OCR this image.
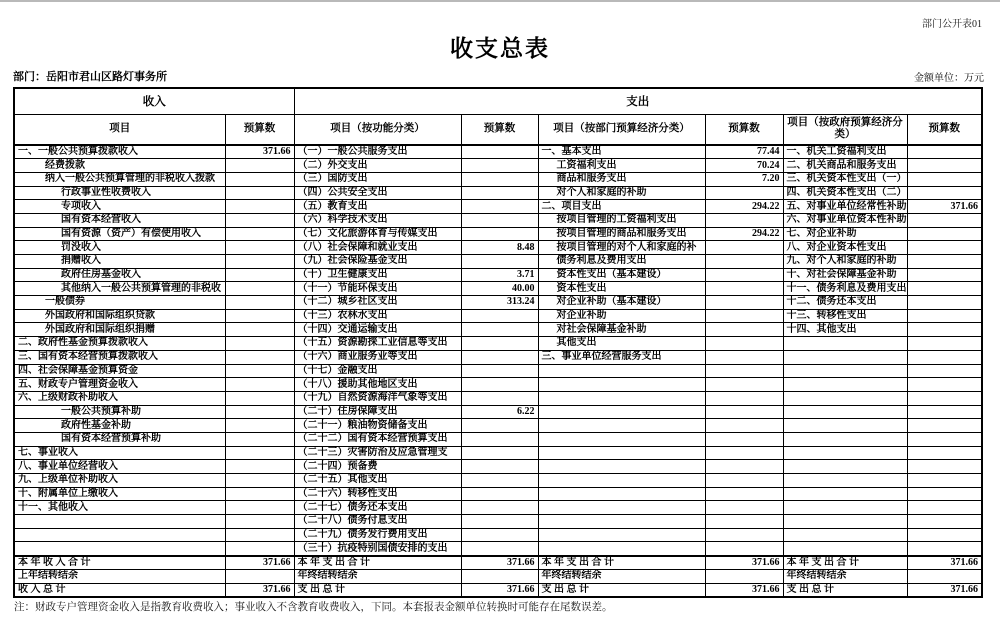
部门公开表01
收支总表
部门：岳阳市君山区路灯事务所	金额单位：万元
收入		支出					
项目	预算数	项目（按功能分类）	预算数	项目（按部门预算经济分类）	预算数	项目（按政府预算经济分类）	预算数
一、一般公共预算拨款收入	371.66	（一）一般公共服务支出		一、基本支出	77.44	一、机关工资福利支出	
经费拨款		（二）外交支出		工资福利支出	70.24	二、机关商品和服务支出	
纳入一般公共预算管理的非税收入拨款		（三）国防支出		商品和服务支出	7.20	三、机关资本性支出（一）	
行政事业性收费收入		（四）公共安全支出		对个人和家庭的补助		四、机关资本性支出（二）	
专项收入		（五）教育支出		二、项目支出	294.22	五、对事业单位经常性补助	371.66
国有资本经营收入		（六）科学技术支出		按项目管理的工资福利支出		六、对事业单位资本性补助	
国有资源（资产）有偿使用收入		（七）文化旅游体育与传媒支出		按项目管理的商品和服务支出	294.22	七、对企业补助	
罚没收入		（八）社会保障和就业支出	8.48	按项目管理的对个人和家庭的补		八、对企业资本性支出	
捐赠收入		（九）社会保险基金支出		债务利息及费用支出		九、对个人和家庭的补助	
政府住房基金收入		（十）卫生健康支出	3.71	资本性支出（基本建设）		十、对社会保障基金补助	
其他纳入一般公共预算管理的非税收		（十一）节能环保支出	40.00	资本性支出		十一、债务利息及费用支出	
一般债券		（十二）城乡社区支出	313.24	对企业补助（基本建设）		十二、债务还本支出	
外国政府和国际组织贷款		（十三）农林水支出		对企业补助		十三、转移性支出	
外国政府和国际组织捐赠		（十四）交通运输支出		对社会保障基金补助		十四、其他支出	
二、政府性基金预算拨款收入		（十五）资源勘探工业信息等支出		其他支出			
三、国有资本经营预算拨款收入		（十六）商业服务业等支出		三、事业单位经营服务支出			
四、社会保障基金预算资金		（十七）金融支出					
五、财政专户管理资金收入		（十八）援助其他地区支出					
六、上级财政补助收入		（十九）自然资源海洋气象等支出					
一般公共预算补助		（二十）住房保障支出	6.22				
政府性基金补助		（二十一）粮油物资储备支出					
国有资本经营预算补助		（二十二）国有资本经营预算支出					
七、事业收入		（二十三）灾害防治及应急管理支					
八、事业单位经营收入		（二十四）预备费					
九、上级单位补助收入		（二十五）其他支出					
十、附属单位上缴收入		（二十六）转移性支出					
十一、其他收入		（二十七）债务还本支出					
		（二十八）债务付息支出					
		（二十九）债务发行费用支出					
		（三十）抗疫特别国债安排的支出					
本 年 收 入 合 计	371.66	本 年 支 出 合 计	371.66	本 年 支 出 合 计	371.66	本 年 支 出 合 计	371.66
上年结转结余		年终结转结余		年终结转结余		年终结转结余	
收 入 总 计	371.66	支 出 总 计	371.66	支 出 总 计	371.66	支 出 总 计	371.66
注：财政专户管理资金收入是指教育收费收入；事业收入不含教育收费收入，下同。本套报表金额单位转换时可能存在尾数误差。
